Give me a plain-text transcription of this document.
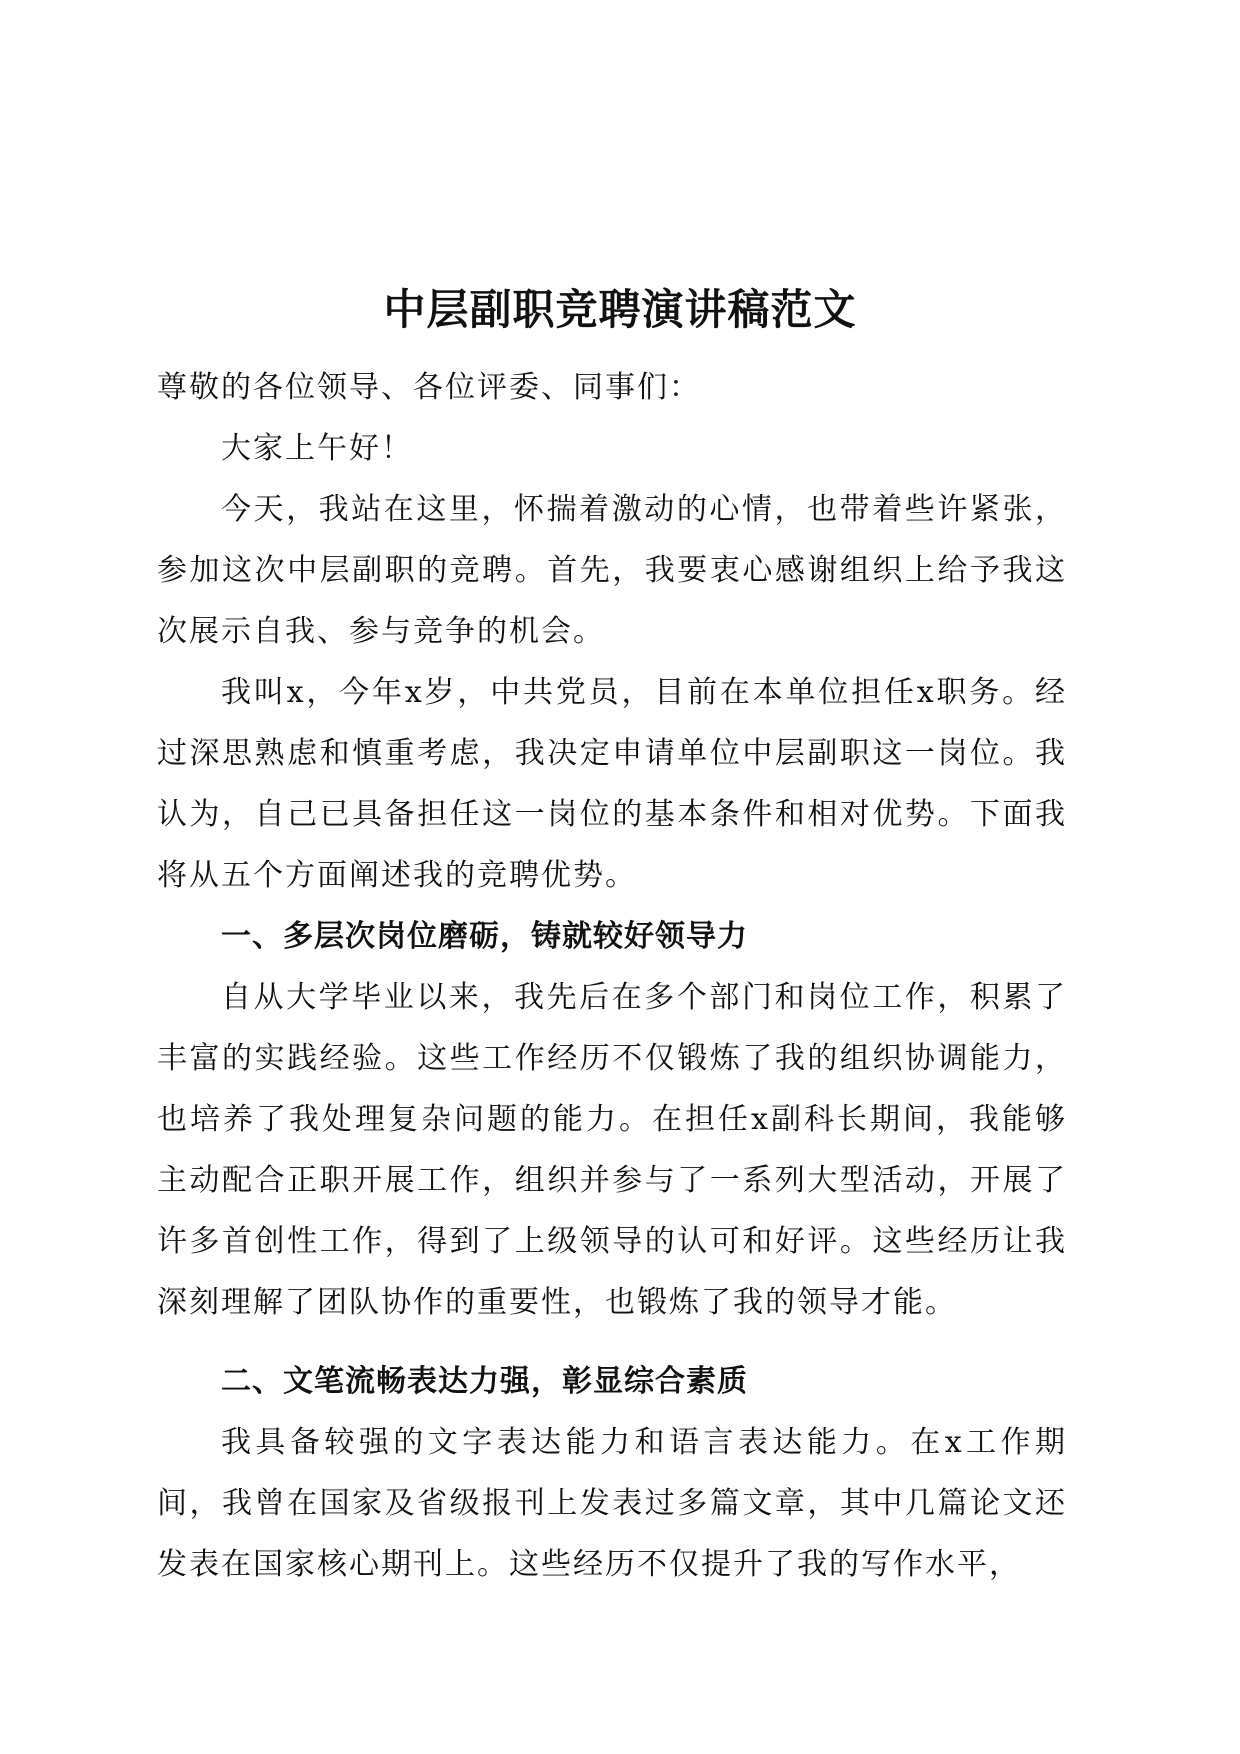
中层副职竞聘演讲稿范文

尊敬的各位领导、各位评委、同事们：

大家上午好！

今天，我站在这里，怀揣着激动的心情，也带着些许紧张，参加这次中层副职的竞聘。首先，我要衷心感谢组织上给予我这次展示自我、参与竞争的机会。

我叫x，今年x岁，中共党员，目前在本单位担任x职务。经过深思熟虑和慎重考虑，我决定申请单位中层副职这一岗位。我认为，自己已具备担任这一岗位的基本条件和相对优势。下面我将从五个方面阐述我的竞聘优势。

一、多层次岗位磨砺，铸就较好领导力

自从大学毕业以来，我先后在多个部门和岗位工作，积累了丰富的实践经验。这些工作经历不仅锻炼了我的组织协调能力，也培养了我处理复杂问题的能力。在担任x副科长期间，我能够主动配合正职开展工作，组织并参与了一系列大型活动，开展了许多首创性工作，得到了上级领导的认可和好评。这些经历让我深刻理解了团队协作的重要性，也锻炼了我的领导才能。

二、文笔流畅表达力强，彰显综合素质

我具备较强的文字表达能力和语言表达能力。在x工作期间，我曾在国家及省级报刊上发表过多篇文章，其中几篇论文还发表在国家核心期刊上。这些经历不仅提升了我的写作水平，
